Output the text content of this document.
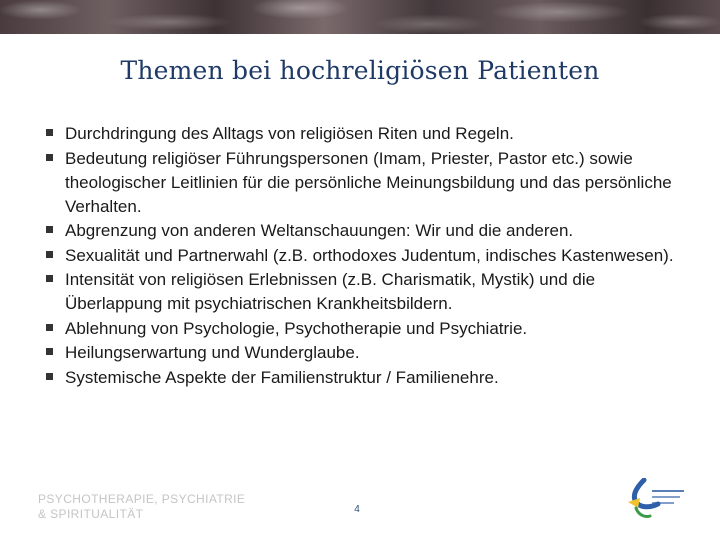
Themen bei hochreligiösen Patienten
Durchdringung des Alltags von religiösen Riten und Regeln.
Bedeutung religiöser Führungspersonen (Imam, Priester, Pastor etc.) sowie theologischer Leitlinien für die persönliche Meinungsbildung und das persönliche Verhalten.
Abgrenzung von anderen Weltanschauungen: Wir und die anderen.
Sexualität und Partnerwahl (z.B. orthodoxes Judentum, indisches Kastenwesen).
Intensität von religiösen Erlebnissen (z.B. Charismatik, Mystik) und die Überlappung mit psychiatrischen Krankheitsbildern.
Ablehnung von Psychologie, Psychotherapie und Psychiatrie.
Heilungserwartung und Wunderglaube.
Systemische Aspekte der Familienstruktur / Familienehre.
PSYCHOTHERAPIE, PSYCHIATRIE
& SPIRITUALITÄT	4
